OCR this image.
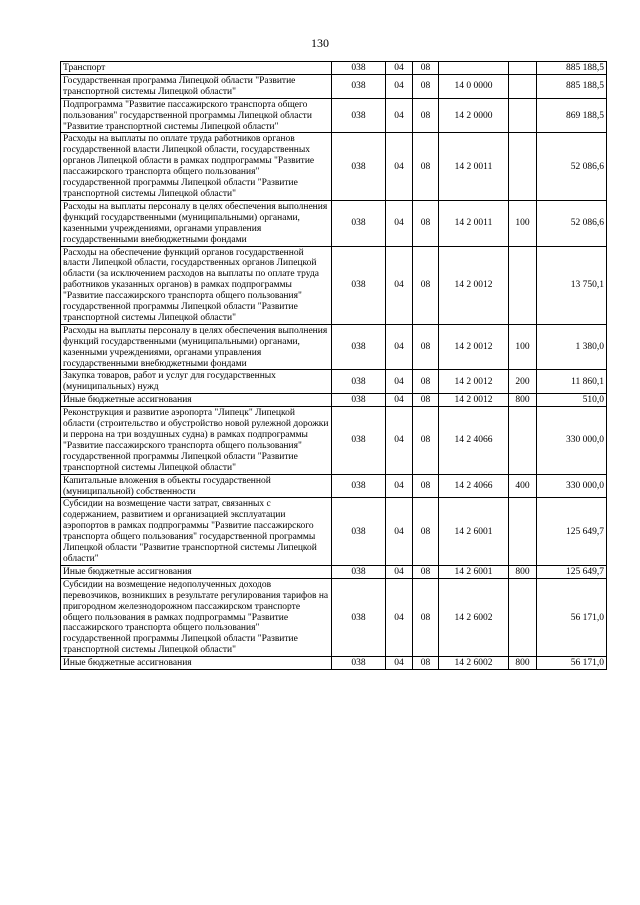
130
Транспорт	038	04	08			885 188,5
Государственная программа Липецкой области "Развитие транспортной системы Липецкой области"	038	04	08	14 0 0000		885 188,5
Подпрограмма "Развитие пассажирского транспорта общего пользования" государственной программы Липецкой области "Развитие транспортной системы Липецкой области"	038	04	08	14 2 0000		869 188,5
Расходы на выплаты по оплате труда работников органов государственной власти Липецкой области, государственных органов Липецкой области в рамках подпрограммы "Развитие пассажирского транспорта общего пользования" государственной программы Липецкой области "Развитие транспортной системы Липецкой области"	038	04	08	14 2 0011		52 086,6
Расходы на выплаты персоналу в целях обеспечения выполнения функций государственными (муниципальными) органами, казенными учреждениями, органами управления государственными внебюджетными фондами	038	04	08	14 2 0011	100	52 086,6
Расходы на обеспечение функций органов государственной власти Липецкой области, государственных органов Липецкой области (за исключением расходов на выплаты по оплате труда работников указанных органов) в рамках подпрограммы "Развитие пассажирского транспорта общего пользования" государственной программы Липецкой области "Развитие транспортной системы Липецкой области"	038	04	08	14 2 0012		13 750,1
Расходы на выплаты персоналу в целях обеспечения выполнения функций государственными (муниципальными) органами, казенными учреждениями, органами управления государственными внебюджетными фондами	038	04	08	14 2 0012	100	1 380,0
Закупка товаров, работ и услуг для государственных (муниципальных) нужд	038	04	08	14 2 0012	200	11 860,1
Иные бюджетные ассигнования	038	04	08	14 2 0012	800	510,0
Реконструкция и развитие аэропорта "Липецк" Липецкой области (строительство и обустройство новой рулежной дорожки и перрона на три воздушных судна) в рамках подпрограммы "Развитие пассажирского транспорта общего пользования" государственной программы Липецкой области "Развитие транспортной системы Липецкой области"	038	04	08	14 2 4066		330 000,0
Капитальные вложения в объекты государственной (муниципальной) собственности	038	04	08	14 2 4066	400	330 000,0
Субсидии на возмещение части затрат, связанных с содержанием, развитием и организацией эксплуатации аэропортов в рамках подпрограммы "Развитие пассажирского транспорта общего пользования" государственной программы Липецкой области "Развитие транспортной системы Липецкой области"	038	04	08	14 2 6001		125 649,7
Иные бюджетные ассигнования	038	04	08	14 2 6001	800	125 649,7
Субсидии на возмещение недополученных доходов перевозчиков, возникших в результате регулирования тарифов на пригородном железнодорожном пассажирском транспорте общего пользования в рамках подпрограммы "Развитие пассажирского транспорта общего пользования" государственной программы Липецкой области "Развитие транспортной системы Липецкой области"	038	04	08	14 2 6002		56 171,0
Иные бюджетные ассигнования	038	04	08	14 2 6002	800	56 171,0
